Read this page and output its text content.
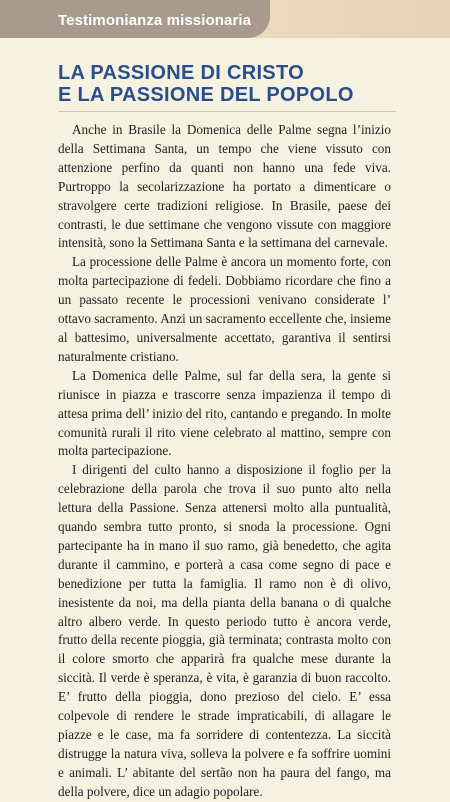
Testimonianza missionaria
LA PASSIONE DI CRISTO
E LA PASSIONE DEL POPOLO

Anche in Brasile la Domenica delle Palme segna l’inizio della Settimana Santa, un tempo che viene vissuto con attenzione perfino da quanti non hanno una fede viva. Purtroppo la secolarizzazione ha portato a dimenticare o stravolgere certe tradizioni religiose. In Brasile, paese dei contrasti, le due settimane che vengono vissute con maggiore intensità, sono la Settimana Santa e la settimana del carnevale.

La processione delle Palme è ancora un momento forte, con molta partecipazione di fedeli. Dobbiamo ricordare che fino a un passato recente le processioni venivano considerate l’ ottavo sacramento. Anzi un sacramento eccellente che, insieme al battesimo, universalmente accettato, garantiva il sentirsi naturalmente cristiano.

La Domenica delle Palme, sul far della sera, la gente si riunisce in piazza e trascorre senza impazienza il tempo di attesa prima dell’ inizio del rito, cantando e pregando. In molte comunità rurali il rito viene celebrato al mattino, sempre con molta partecipazione.

I dirigenti del culto hanno a disposizione il foglio per la celebrazione della parola che trova il suo punto alto nella lettura della Passione. Senza attenersi molto alla puntualità, quando sembra tutto pronto, si snoda la processione. Ogni partecipante ha in mano il suo ramo, già benedetto, che agita durante il cammino, e porterà a casa come segno di pace e benedizione per tutta la famiglia. Il ramo non è di olivo, inesistente da noi, ma della pianta della banana o di qualche altro albero verde. In questo periodo tutto è ancora verde, frutto della recente pioggia, già terminata; contrasta molto con il colore smorto che apparirà fra qualche mese durante la siccità. Il verde è speranza, è vita, è garanzia di buon raccolto. E’ frutto della pioggia, dono prezioso del cielo. E’ essa colpevole di rendere le strade impraticabili, di allagare le piazze e le case, ma fa sorridere di contentezza. La siccità distrugge la natura viva, solleva la polvere e fa soffrire uomini e animali. L’ abitante del sertão non ha paura del fango, ma della polvere, dice un adagio popolare.
